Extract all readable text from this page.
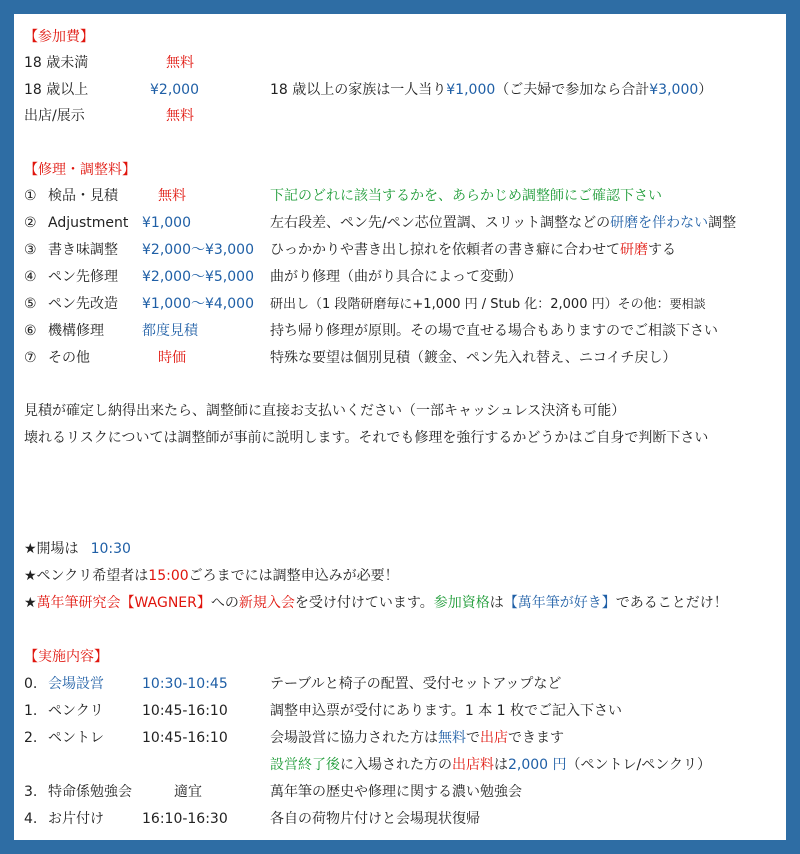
【参加費】
18 歳未満	無料
18 歳以上	¥2,000	18 歳以上の家族は一人当り¥1,000（ご夫婦で参加なら合計¥3,000）
出店/展示	無料
【修理・調整料】
① 検品・見積	無料	下記のどれに該当するかを、あらかじめ調整師にご確認下さい
② Adjustment ¥1,000	左右段差、ペン先/ペン芯位置調、スリット調整などの研磨を伴わない調整
③ 書き味調整 ¥2,000～¥3,000 ひっかかりや書き出し掠れを依頼者の書き癖に合わせて研磨する
④ ペン先修理 ¥2,000～¥5,000 曲がり修理（曲がり具合によって変動）
⑤ ペン先改造 ¥1,000～¥4,000 研出し（1 段階研磨毎に+1,000 円 / Stub 化：2,000 円）その他：要相談
⑥ 機構修理	都度見積	持ち帰り修理が原則。その場で直せる場合もありますのでご相談下さい
⑦ その他	時価	特殊な要望は個別見積（鍍金、ペン先入れ替え、ニコイチ戻し）
見積が確定し納得出来たら、調整師に直接お支払いください（一部キャッシュレス決済も可能）
壊れるリスクについては調整師が事前に説明します。それでも修理を強行するかどうかはご自身で判断下さい
★開場は 10:30
★ペンクリ希望者は15:00ごろまでには調整申込みが必要！
★萬年筆研究会【WAGNER】への新規入会を受け付けています。参加資格は【萬年筆が好き】であることだけ！
【実施内容】
0. 会場設営	10:30-10:45	テーブルと椅子の配置、受付セットアップなど
1. ペンクリ	10:45-16:10	調整申込票が受付にあります。1 本 1 枚でご記入下さい
2. ペントレ	10:45-16:10	会場設営に協力された方は無料で出店できます
設営終了後に入場された方の出店料は2,000 円（ペントレ/ペンクリ）
3. 特命係勉強会	適宜	萬年筆の歴史や修理に関する濃い勉強会
4. お片付け	16:10-16:30	各自の荷物片付けと会場現状復帰
